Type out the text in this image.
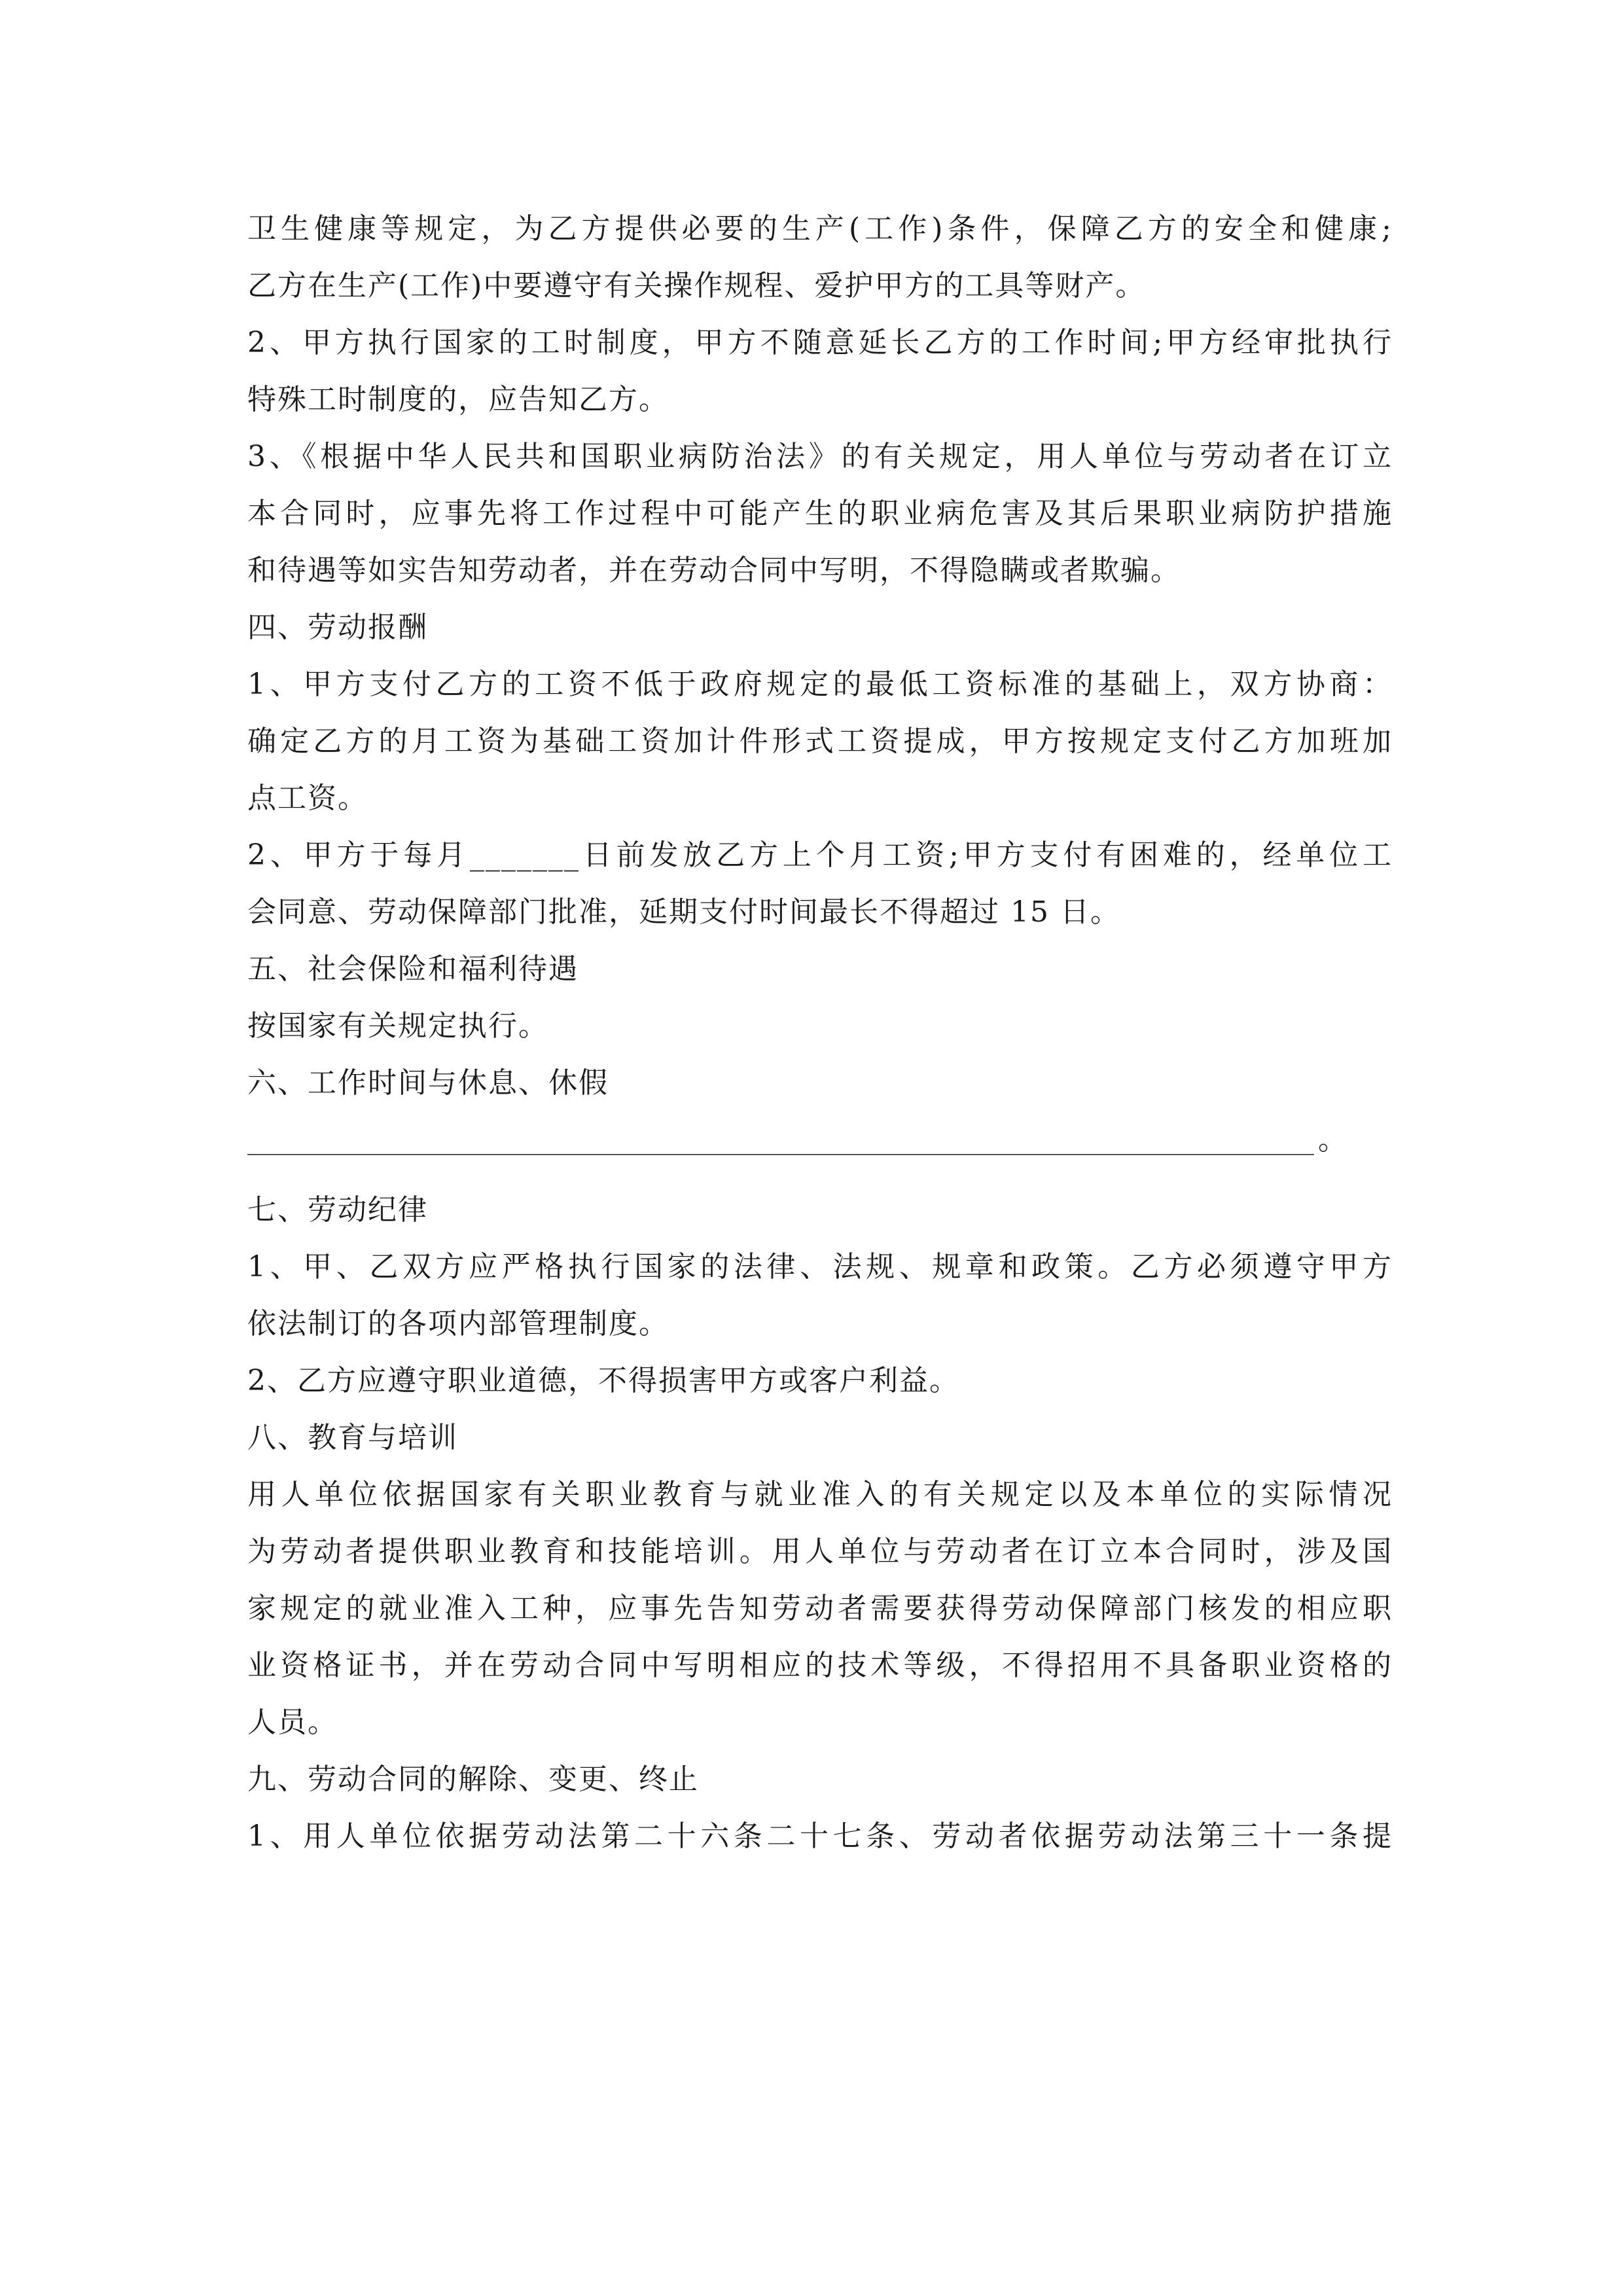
卫生健康等规定，为乙方提供必要的生产(工作)条件，保障乙方的安全和健康;
乙方在生产(工作)中要遵守有关操作规程、爱护甲方的工具等财产。
2、甲方执行国家的工时制度，甲方不随意延长乙方的工作时间;甲方经审批执行
特殊工时制度的，应告知乙方。
3、《根据中华人民共和国职业病防治法》的有关规定，用人单位与劳动者在订立
本合同时，应事先将工作过程中可能产生的职业病危害及其后果职业病防护措施
和待遇等如实告知劳动者，并在劳动合同中写明，不得隐瞒或者欺骗。
四、劳动报酬
1、甲方支付乙方的工资不低于政府规定的最低工资标准的基础上，双方协商：
确定乙方的月工资为基础工资加计件形式工资提成，甲方按规定支付乙方加班加
点工资。
2、甲方于每月_______日前发放乙方上个月工资;甲方支付有困难的，经单位工
会同意、劳动保障部门批准，延期支付时间最长不得超过 15 日。
五、社会保险和福利待遇
按国家有关规定执行。
六、工作时间与休息、休假
。
七、劳动纪律
1、甲、乙双方应严格执行国家的法律、法规、规章和政策。乙方必须遵守甲方
依法制订的各项内部管理制度。
2、乙方应遵守职业道德，不得损害甲方或客户利益。
八、教育与培训
用人单位依据国家有关职业教育与就业准入的有关规定以及本单位的实际情况
为劳动者提供职业教育和技能培训。用人单位与劳动者在订立本合同时，涉及国
家规定的就业准入工种，应事先告知劳动者需要获得劳动保障部门核发的相应职
业资格证书，并在劳动合同中写明相应的技术等级，不得招用不具备职业资格的
人员。
九、劳动合同的解除、变更、终止
1、用人单位依据劳动法第二十六条二十七条、劳动者依据劳动法第三十一条提
